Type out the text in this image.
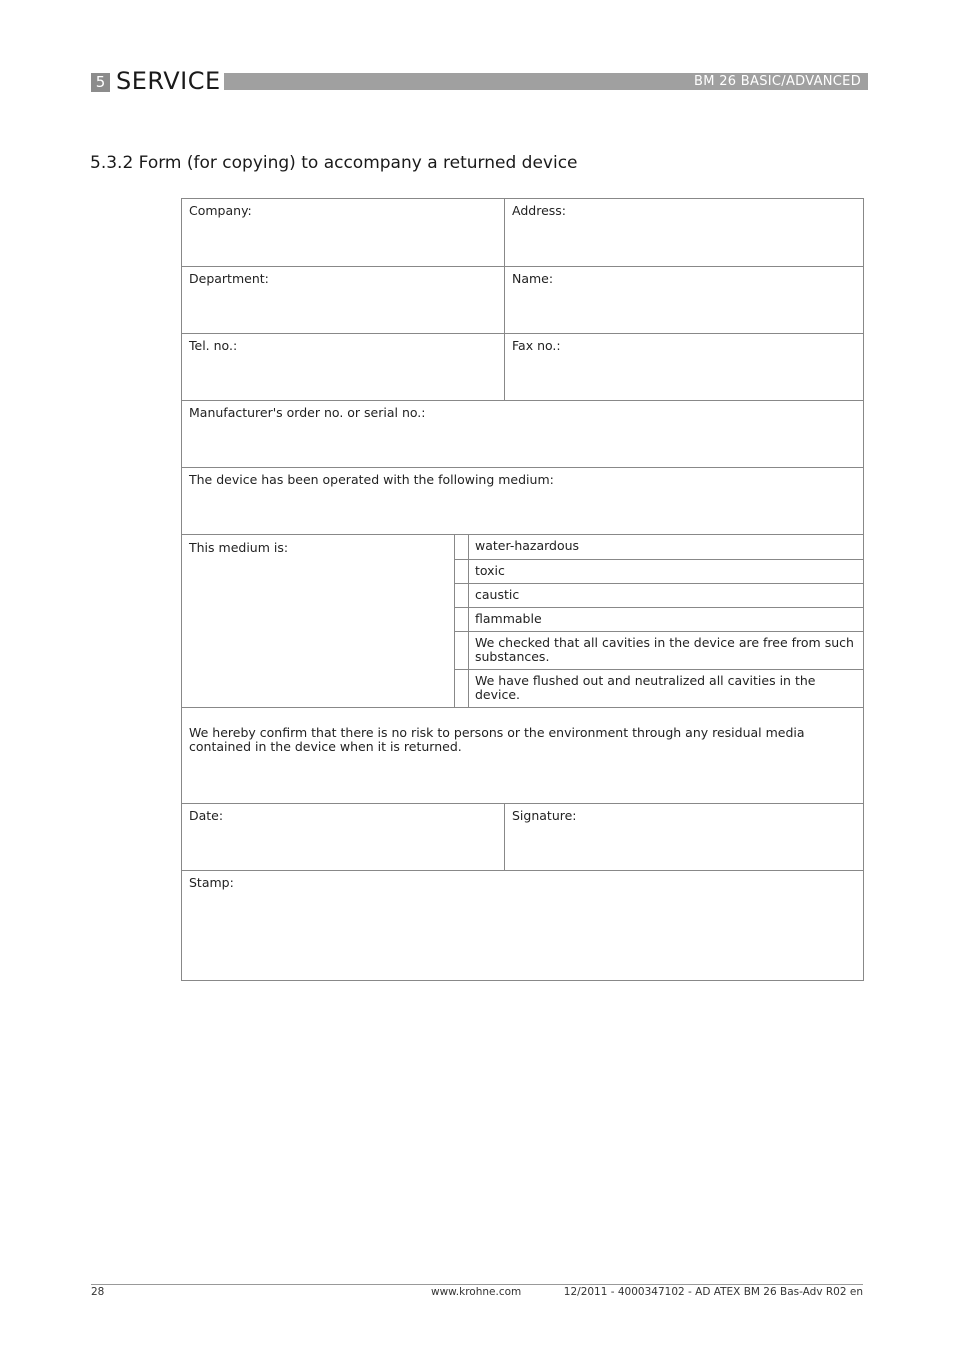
5 SERVICE	BM 26 BASIC/ADVANCED
5.3.2 Form (for copying) to accompany a returned device
Company:	Address:
Department:	Name:
Tel. no.:	Fax no.:
Manufacturer's order no. or serial no.:
The device has been operated with the following medium:
This medium is:	water-hazardous
toxic
caustic
flammable
We checked that all cavities in the device are free from such substances.
We have flushed out and neutralized all cavities in the device.
We hereby confirm that there is no risk to persons or the environment through any residual media contained in the device when it is returned.
Date:	Signature:
Stamp:
28	www.krohne.com	12/2011 - 4000347102 - AD ATEX BM 26 Bas-Adv R02 en
